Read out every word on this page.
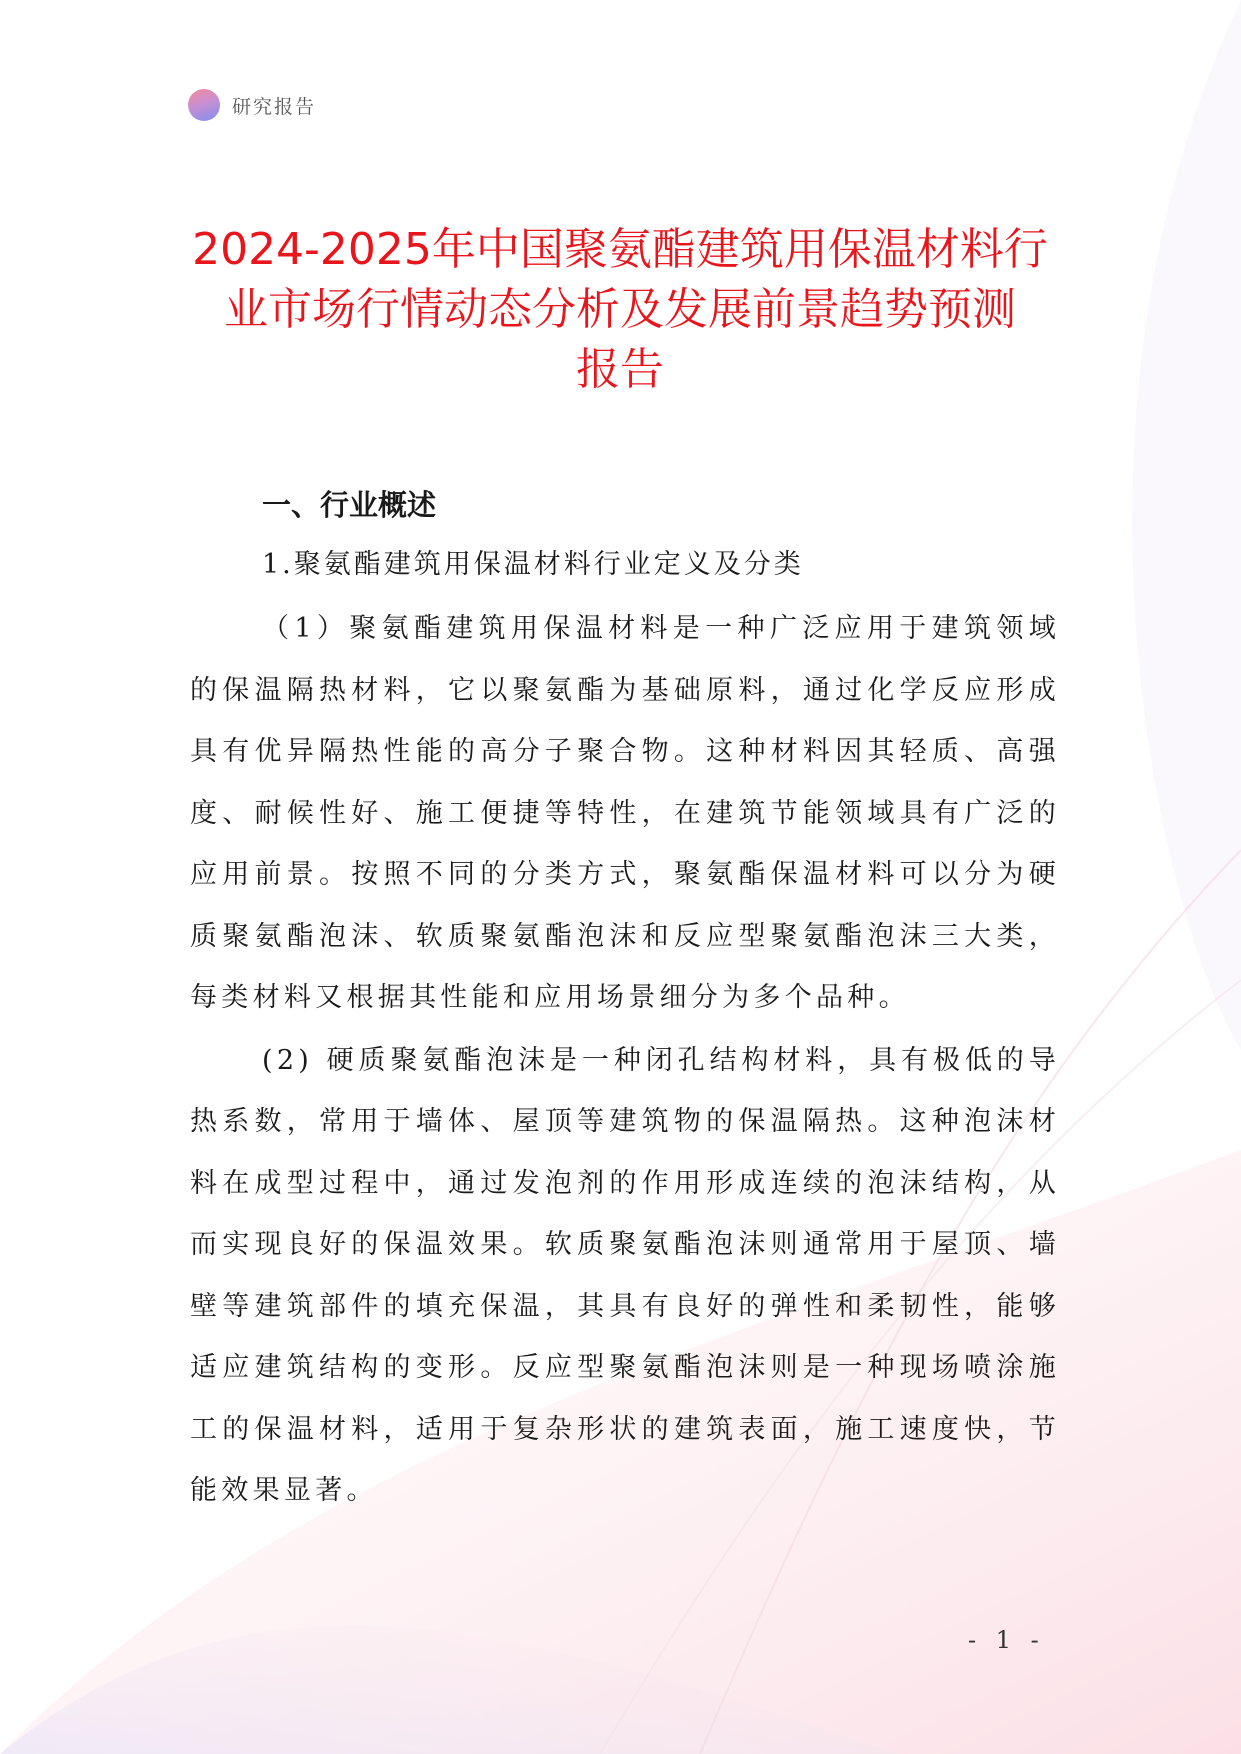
研究报告
2024-2025年中国聚氨酯建筑用保温材料行
业市场行情动态分析及发展前景趋势预测
报告
一、行业概述

1.聚氨酯建筑用保温材料行业定义及分类

（1）聚氨酯建筑用保温材料是一种广泛应用于建筑领域的保温隔热材料，它以聚氨酯为基础原料，通过化学反应形成具有优异隔热性能的高分子聚合物。这种材料因其轻质、高强度、耐候性好、施工便捷等特性，在建筑节能领域具有广泛的应用前景。按照不同的分类方式，聚氨酯保温材料可以分为硬质聚氨酯泡沫、软质聚氨酯泡沫和反应型聚氨酯泡沫三大类，每类材料又根据其性能和应用场景细分为多个品种。

(2) 硬质聚氨酯泡沫是一种闭孔结构材料，具有极低的导热系数，常用于墙体、屋顶等建筑物的保温隔热。这种泡沫材料在成型过程中，通过发泡剂的作用形成连续的泡沫结构，从而实现良好的保温效果。软质聚氨酯泡沫则通常用于屋顶、墙壁等建筑部件的填充保温，其具有良好的弹性和柔韧性，能够适应建筑结构的变形。反应型聚氨酯泡沫则是一种现场喷涂施工的保温材料，适用于复杂形状的建筑表面，施工速度快，节能效果显著。

- 1 -
